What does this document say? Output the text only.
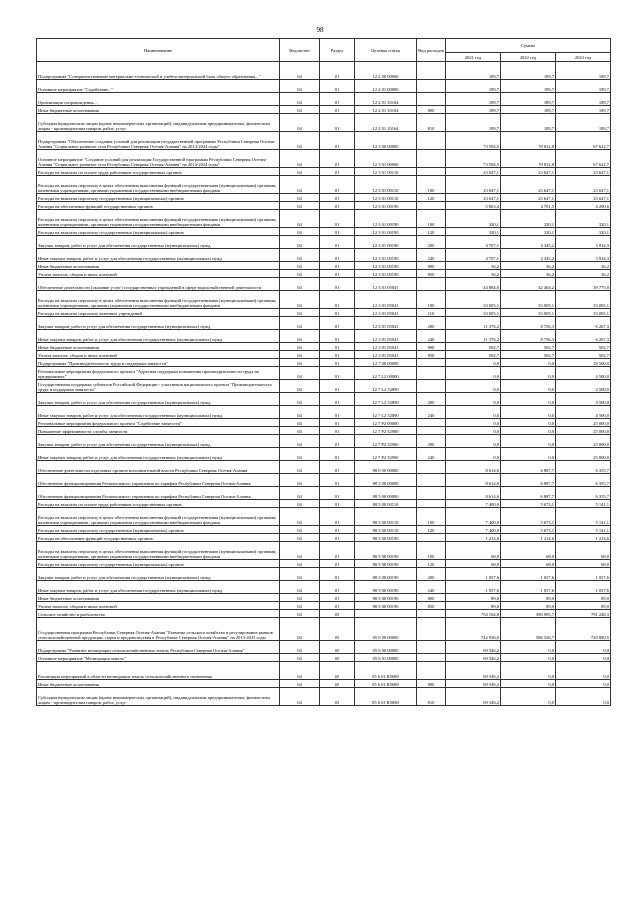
98
Наименование	Ведомство	Раздел	Целевая статья	Вид расходов	Суммы		
					2021 год	2022 год	2023 год
Подпрограмма "Совершенствование материально-технической и учебно-материальной базы общего образования..."	04	01	12 2 00 00000		189,7	189,7	189,7
Основное мероприятие "Содействие..."	04	01	12 2 01 00000		189,7	189,7	189,7
Организация сопровождения...	04	01	12 2 01 10164		189,7	189,7	189,7
Иные бюджетные ассигнования	04	01	12 2 01 10164	800	189,7	189,7	189,7
Субсидии юридическим лицам (кроме некоммерческих организаций), индивидуальным предпринимателям, физическим лицам - производителям товаров, работ, услуг	04	01	12 2 01 10164	810	189,7	189,7	189,7
Подпрограмма "Обеспечение создания условий для реализации государственной программы Республики Северная Осетия-Алания "Социальное развитие села Республики Северная Осетия-Алания" на 2014-2024 годы"	04	01	12 3 00 00000		73 594,5	70 812,8	67 622,7
Основное мероприятие "Создание условий для реализации Государственной программы Республики Северная Осетия-Алания "Социальное развитие села Республики Северная Осетия-Алания" на 2014-2024 годы"	04	01	12 3 01 00000		73 594,5	70 812,8	67 622,7
Расходы на выплаты по оплате труда работников государственных органов	04	01	12 3 01 00110		23 647,1	23 647,1	23 647,1
Расходы на выплаты персоналу в целях обеспечения выполнения функций государственными (муниципальными) органами, казенными учреждениями, органами управления государственными внебюджетными фондами	04	01	12 3 01 00110	100	23 647,1	23 647,1	23 647,1
Расходы на выплаты персоналу государственных (муниципальных) органов	04	01	12 3 01 00110	120	23 647,1	23 647,1	23 647,1
Расходы на обеспечение функций государственных органов	04	01	12 3 01 00190		5 063,4	4 701,5	4 290,6
Расходы на выплаты персоналу в целях обеспечения выполнения функций государственными (муниципальными) органами, казенными учреждениями, органами управления государственными внебюджетными фондами	04	01	12 3 01 00190	100	320,1	320,1	320,1
Расходы на выплаты персоналу государственных (муниципальных) органов	04	01	12 3 01 00190	120	320,1	320,1	320,1
Закупка товаров, работ и услуг для обеспечения государственных (муниципальных) нужд	04	01	12 3 01 00190	200	4 707,1	4 345,2	3 934,3
Иные закупки товаров, работ и услуг для обеспечения государственных (муниципальных) нужд	04	01	12 3 01 00190	240	4 707,1	4 345,2	3 934,3
Иные бюджетные ассигнования	04	01	12 3 01 00190	800	36,2	36,2	36,2
Уплата налогов, сборов и иных платежей	04	01	12 3 01 00190	850	36,2	36,2	36,2
Обеспечение деятельности (оказание услуг) государственных учреждений в сфере водохозяйственной деятельности	04	01	12 3 01 05041		44 884,0	42 464,2	39 775,0
Расходы на выплаты персоналу в целях обеспечения выполнения функций государственными (муниципальными) органами, казенными учреждениями, органами управления государственными внебюджетными фондами	04	01	12 3 01 05041	100	33 005,1	33 005,1	33 005,1
Расходы на выплаты персоналу казенных учреждений	04	01	12 3 01 05041	110	33 005,1	33 005,1	33 005,1
Закупка товаров, работ и услуг для обеспечения государственных (муниципальных) нужд	04	01	12 3 01 05041	200	11 376,2	8 756,3	6 267,3
Иные закупки товаров, работ и услуг для обеспечения государственных (муниципальных) нужд	04	01	12 3 01 05041	240	11 376,2	8 756,3	6 267,3
Иные бюджетные ассигнования	04	01	12 3 01 05041	800	502,7	502,7	502,7
Уплата налогов, сборов и иных платежей	04	01	12 3 01 05041	850	502,7	502,7	502,7
Подпрограмма "Производительность труда и поддержка занятости"	04	01	12 7 00 00000		0,0	0,0	29 500,0
Региональные мероприятия федерального проекта "Адресная поддержка повышения производительности труда на предприятиях"	04	01	12 7 L2 00000		0,0	0,0	4 500,0
Государственная поддержка субъектов Российской Федерации - участников национального проекта "Производительность труда и поддержка занятости"	04	01	12 7 L2 52890		0,0	0,0	4 500,0
Закупка товаров, работ и услуг для обеспечения государственных (муниципальных) нужд	04	01	12 7 L2 52890	200	0,0	0,0	4 500,0
Иные закупки товаров, работ и услуг для обеспечения государственных (муниципальных) нужд	04	01	12 7 L2 52890	240	0,0	0,0	4 500,0
Региональные мероприятия федерального проекта "Содействие занятости"	04	01	12 7 P2 00000		0,0	0,0	25 000,0
Повышение эффективности службы занятости	04	01	12 7 P2 52900		0,0	0,0	25 000,0
Закупка товаров, работ и услуг для обеспечения государственных (муниципальных) нужд	04	01	12 7 P2 52900	200	0,0	0,0	25 000,0
Иные закупки товаров, работ и услуг для обеспечения государственных (муниципальных) нужд	04	01	12 7 P2 52900	240	0,0	0,0	25 000,0
Обеспечение деятельности отдельных органов исполнительной власти Республики Северная Осетия-Алания	04	01	88 0 00 00000		8 614,6	6 887,7	6 355,7
Обеспечение функционирования Регионального управления по тарифам Республики Северная Осетия-Алания	04	01	88 5 00 00000		8 614,6	6 887,7	6 355,7
Обеспечение функционирования Регионального управления по тарифам Республики Северная Осетия-Алания	04	01	88 5 00 00000		8 614,6	6 887,7	6 355,7
Расходы на выплаты по оплате труда работников государственных органов	04	01	88 5 00 00110		7 400,0	5 673,1	5 141,1
Расходы на выплаты персоналу в целях обеспечения выполнения функций государственными (муниципальными) органами, казенными учреждениями, органами управления государственными внебюджетными фондами	04	01	88 5 00 00110	100	7 400,0	5 673,1	5 141,1
Расходы на выплаты персоналу государственных (муниципальных) органов	04	01	88 5 00 00110	120	7 400,0	5 673,1	5 141,1
Расходы на обеспечение функций государственных органов	04	01	88 5 00 00190		1 214,6	1 214,6	1 214,6
Расходы на выплаты персоналу в целях обеспечения выполнения функций государственными (муниципальными) органами, казенными учреждениями, органами управления государственными внебюджетными фондами	04	01	88 5 00 00190	100	68,0	68,0	68,0
Расходы на выплаты персоналу государственных (муниципальных) органов	04	01	88 5 00 00190	120	68,0	68,0	68,0
Закупка товаров, работ и услуг для обеспечения государственных (муниципальных) нужд	04	01	88 5 00 00190	200	1 057,6	1 057,6	1 057,6
Иные закупки товаров, работ и услуг для обеспечения государственных (муниципальных) нужд	04	01	88 5 00 00190	240	1 057,6	1 057,6	1 057,6
Иные бюджетные ассигнования	04	01	88 5 00 00190	800	89,0	89,0	89,0
Уплата налогов, сборов и иных платежей	04	01	88 5 00 00190	850	89,0	89,0	89,0
Сельское хозяйство и рыболовство	04	05			754 164,8	589 995,7	791 248,3
Государственная программа Республики Северная Осетия-Алания "Развитие сельского хозяйства и регулирование рынков сельскохозяйственной продукции, сырья и продовольствия в Республике Северная Осетия-Алания" на 2013-2025 годы	04	05	05 0 00 00000		742 936,6	586 526,7	720 890,5
Подпрограмма "Развитие мелиорации сельскохозяйственных земель Республики Северная Осетия-Алания"	04	05	05 6 00 00000		69 546,2	0,0	0,0
Основное мероприятие "Мелиорация земель"	04	05	05 6 01 00000		69 546,2	0,0	0,0
Реализация мероприятий в области мелиорации земель сельскохозяйственного назначения	04	05	05 6 01 R5680		69 546,2	0,0	0,0
Иные бюджетные ассигнования	04	05	05 6 01 R5680	800	69 546,2	0,0	0,0
Субсидии юридическим лицам (кроме некоммерческих организаций), индивидуальным предпринимателям, физическим лицам - производителям товаров, работ, услуг	04	05	05 6 01 R5680	810	69 546,2	0,0	0,0
